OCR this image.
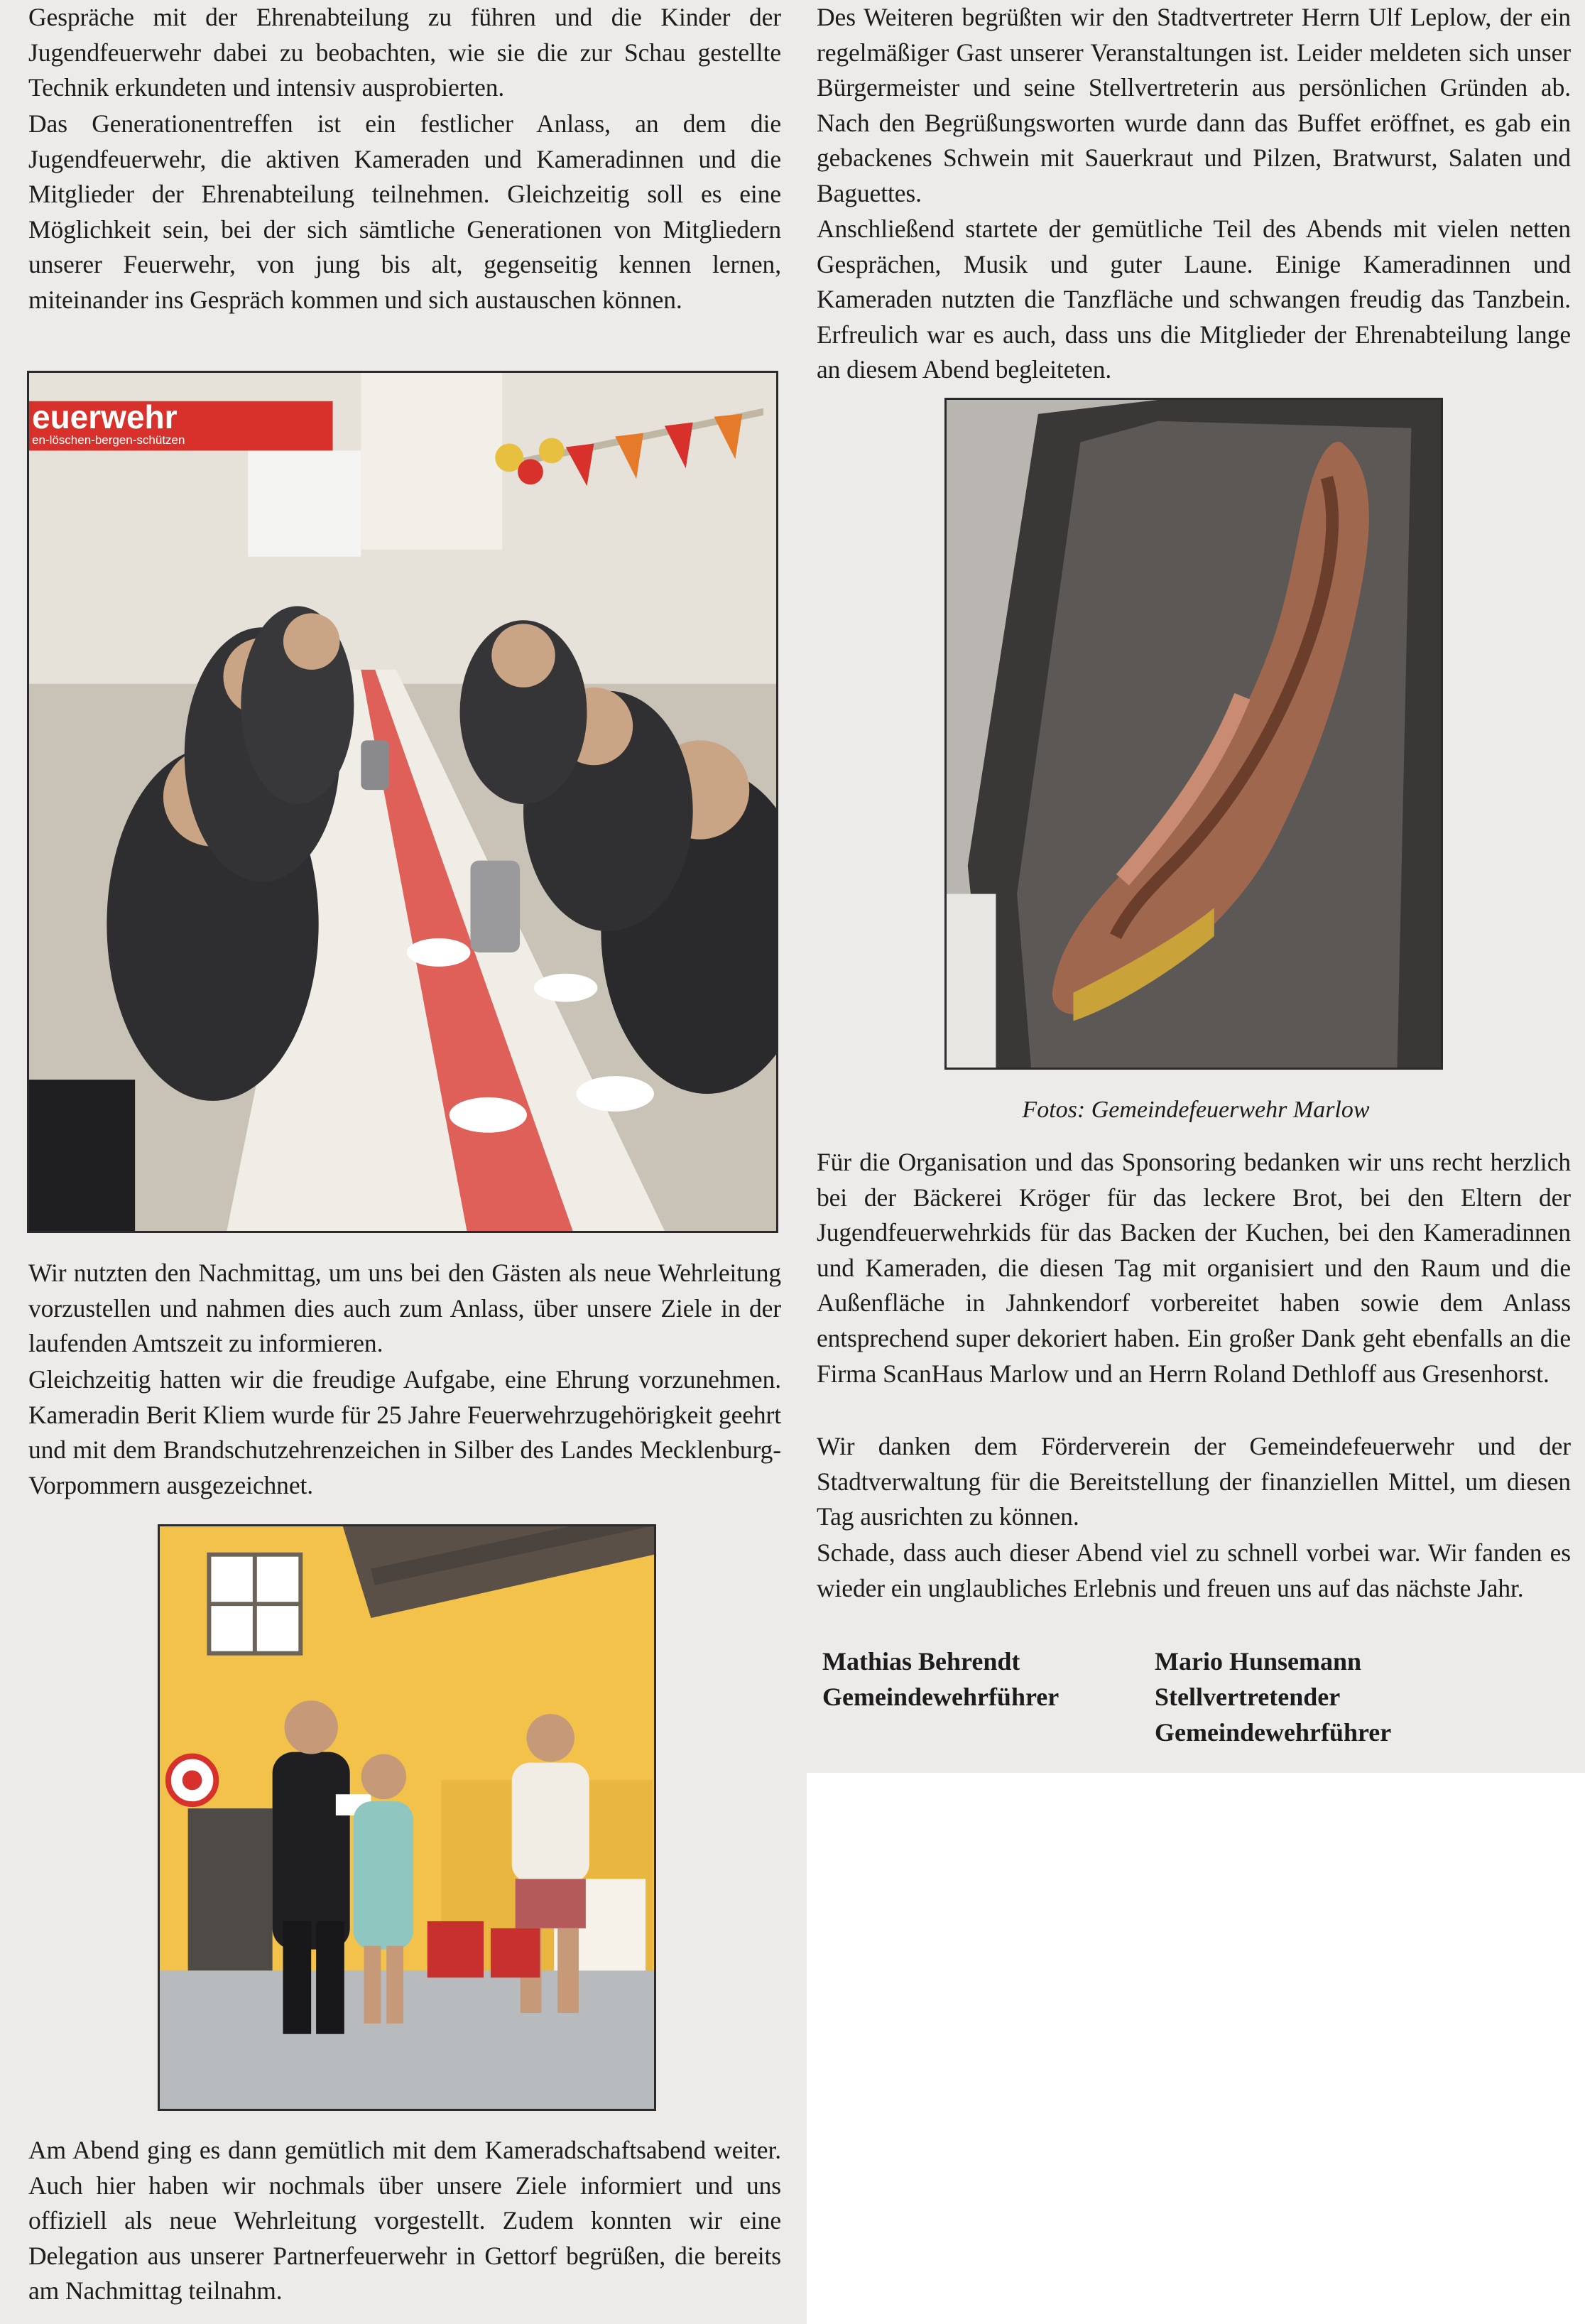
Gespräche mit der Ehrenabteilung zu führen und die Kinder der Jugendfeuerwehr dabei zu beobachten, wie sie die zur Schau gestellte Technik erkundeten und intensiv ausprobierten.

Das Generationentreffen ist ein festlicher Anlass, an dem die Jugendfeuerwehr, die aktiven Kameraden und Kameradinnen und die Mitglieder der Ehrenabteilung teilnehmen. Gleichzeitig soll es eine Möglichkeit sein, bei der sich sämtliche Generationen von Mitgliedern unserer Feuerwehr, von jung bis alt, gegenseitig kennen lernen, miteinander ins Gespräch kommen und sich austauschen können.

euerwehr
en-löschen-bergen-schützen

Wir nutzten den Nachmittag, um uns bei den Gästen als neue Wehrleitung vorzustellen und nahmen dies auch zum Anlass, über unsere Ziele in der laufenden Amtszeit zu informieren.

Gleichzeitig hatten wir die freudige Aufgabe, eine Ehrung vorzunehmen. Kameradin Berit Kliem wurde für 25 Jahre Feuerwehrzugehörigkeit geehrt und mit dem Brandschutzehrenzeichen in Silber des Landes Mecklenburg-Vorpommern ausgezeichnet.

Am Abend ging es dann gemütlich mit dem Kameradschaftsabend weiter. Auch hier haben wir nochmals über unsere Ziele informiert und uns offiziell als neue Wehrleitung vorgestellt. Zudem konnten wir eine Delegation aus unserer Partnerfeuerwehr in Gettorf begrüßen, die bereits am Nachmittag teilnahm.

Des Weiteren begrüßten wir den Stadtvertreter Herrn Ulf Leplow, der ein regelmäßiger Gast unserer Veranstaltungen ist. Leider meldeten sich unser Bürgermeister und seine Stellvertreterin aus persönlichen Gründen ab. Nach den Begrüßungsworten wurde dann das Buffet eröffnet, es gab ein gebackenes Schwein mit Sauerkraut und Pilzen, Bratwurst, Salaten und Baguettes.

Anschließend startete der gemütliche Teil des Abends mit vielen netten Gesprächen, Musik und guter Laune. Einige Kameradinnen und Kameraden nutzten die Tanzfläche und schwangen freudig das Tanzbein. Erfreulich war es auch, dass uns die Mitglieder der Ehrenabteilung lange an diesem Abend begleiteten.

Für die Organisation und das Sponsoring bedanken wir uns recht herzlich bei der Bäckerei Kröger für das leckere Brot, bei den Eltern der Jugendfeuerwehrkids für das Backen der Kuchen, bei den Kameradinnen und Kameraden, die diesen Tag mit organisiert und den Raum und die Außenfläche in Jahnkendorf vorbereitet haben sowie dem Anlass entsprechend super dekoriert haben. Ein großer Dank geht ebenfalls an die Firma ScanHaus Marlow und an Herrn Roland Dethloff aus Gresenhorst.

Wir danken dem Förderverein der Gemeindefeuerwehr und der Stadtverwaltung für die Bereitstellung der finanziellen Mittel, um diesen Tag ausrichten zu können.

Schade, dass auch dieser Abend viel zu schnell vorbei war. Wir fanden es wieder ein unglaubliches Erlebnis und freuen uns auf das nächste Jahr.

Mathias Behrendt
Gemeindewehrführer
Mario Hunsemann
Stellvertretender
Gemeindewehrführer

Fotos: Gemeindefeuerwehr Marlow
